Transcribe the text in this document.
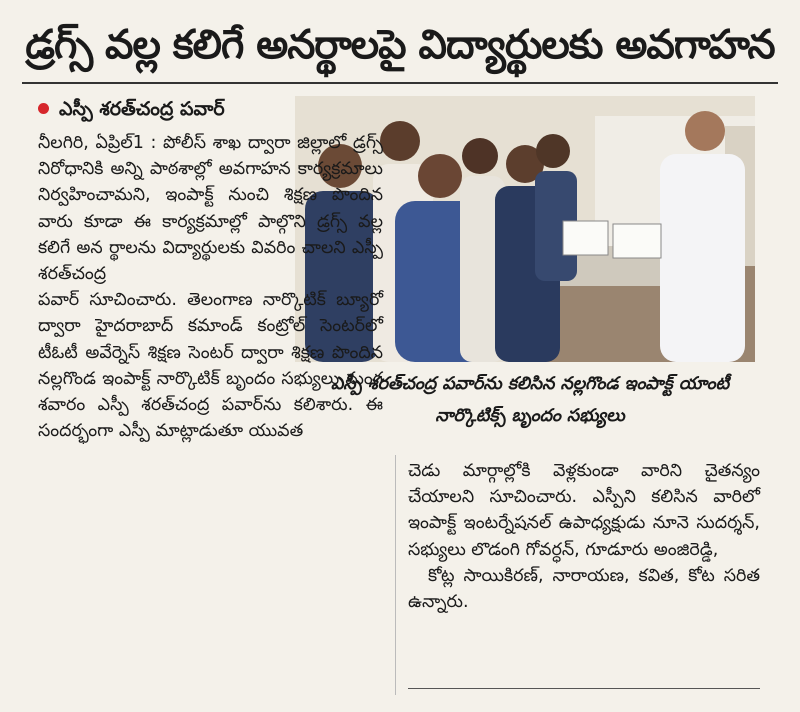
డ్రగ్స్ వల్ల కలిగే అనర్థాలపై విద్యార్థులకు అవగాహన
ఎస్పీ శరత్‌చంద్ర పవార్

నీలగిరి, ఏప్రిల్1 : పోలీస్ శాఖ ద్వారా జిల్లాలో డ్రగ్స్ నిరోధానికి అన్ని పాఠశాల్లో అవగాహన కార్యక్రమాలు నిర్వహించామని, ఇంపాక్ట్ నుంచి శిక్షణ పొందిన వారు కూడా ఈ కార్యక్రమాల్లో పాల్గొని డ్రగ్స్ వల్ల కలిగే అన ర్థాలను విద్యార్థులకు వివరిం చాలని ఎస్పీ శరత్‌చంద్ర

పవార్ సూచించారు. తెలంగాణ నార్కొటిక్ బ్యూరో ద్వారా హైదరాబాద్ కమాండ్ కంట్రోల్ సెంటర్‌లో టీఓటీ అవేర్నెస్ శిక్షణ సెంటర్ ద్వారా శిక్షణ పొందిన నల్లగొండ ఇంపాక్ట్ నార్కొటిక్ బృందం సభ్యులు మంగ శవారం ఎస్పీ శరత్‌చంద్ర పవార్‌ను కలిశారు. ఈ సందర్భంగా ఎస్పీ మాట్లాడుతూ యువత

ఎస్పీ శరత్‌చంద్ర పవార్‌ను కలిసిన నల్లగొండ ఇంపాక్ట్ యాంటీ నార్కొటిక్స్ బృందం సభ్యులు

చెడు మార్గాల్లోకి వెళ్లకుండా వారిని చైతన్యం చేయాలని సూచించారు. ఎస్పీని కలిసిన వారిలో ఇంపాక్ట్ ఇంటర్నేషనల్ ఉపాధ్యక్షుడు నూనె సుదర్శన్, సభ్యులు లొడంగి గోవర్ధన్, గూడూరు అంజిరెడ్డి,

కోట్ల సాయికిరణ్, నారాయణ, కవిత, కోట సరిత ఉన్నారు.
